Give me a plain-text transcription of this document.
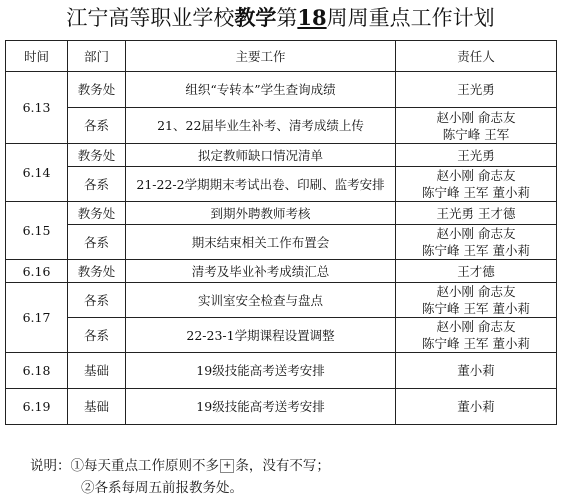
江宁高等职业学校教学第18周周重点工作计划
时间	部门	主要工作	责任人
6.13	教务处	组织“专转本”学生查询成绩	王光勇

	各系	21、22届毕业生补考、清考成绩上传	赵小刚 俞志友
陈宁峰 王军

6.14	教务处	拟定教师缺口情况清单	王光勇

	各系	21-22-2学期期末考试出卷、印刷、监考安排	赵小刚 俞志友
陈宁峰 王军 董小莉

6.15	教务处	到期外聘教师考核	王光勇 王才德

	各系	期末结束相关工作布置会	赵小刚 俞志友
陈宁峰 王军 董小莉

6.16	教务处	清考及毕业补考成绩汇总	王才德

6.17	各系	实训室安全检查与盘点	赵小刚 俞志友
陈宁峰 王军 董小莉

	各系	22-23-1学期课程设置调整	赵小刚 俞志友
陈宁峰 王军 董小莉

6.18	基础	19级技能高考送考安排	董小莉

6.19	基础	19级技能高考送考安排	董小莉
说明：①每天重点工作原则不多 + 条，没有不写；
②各系每周五前报教务处。
